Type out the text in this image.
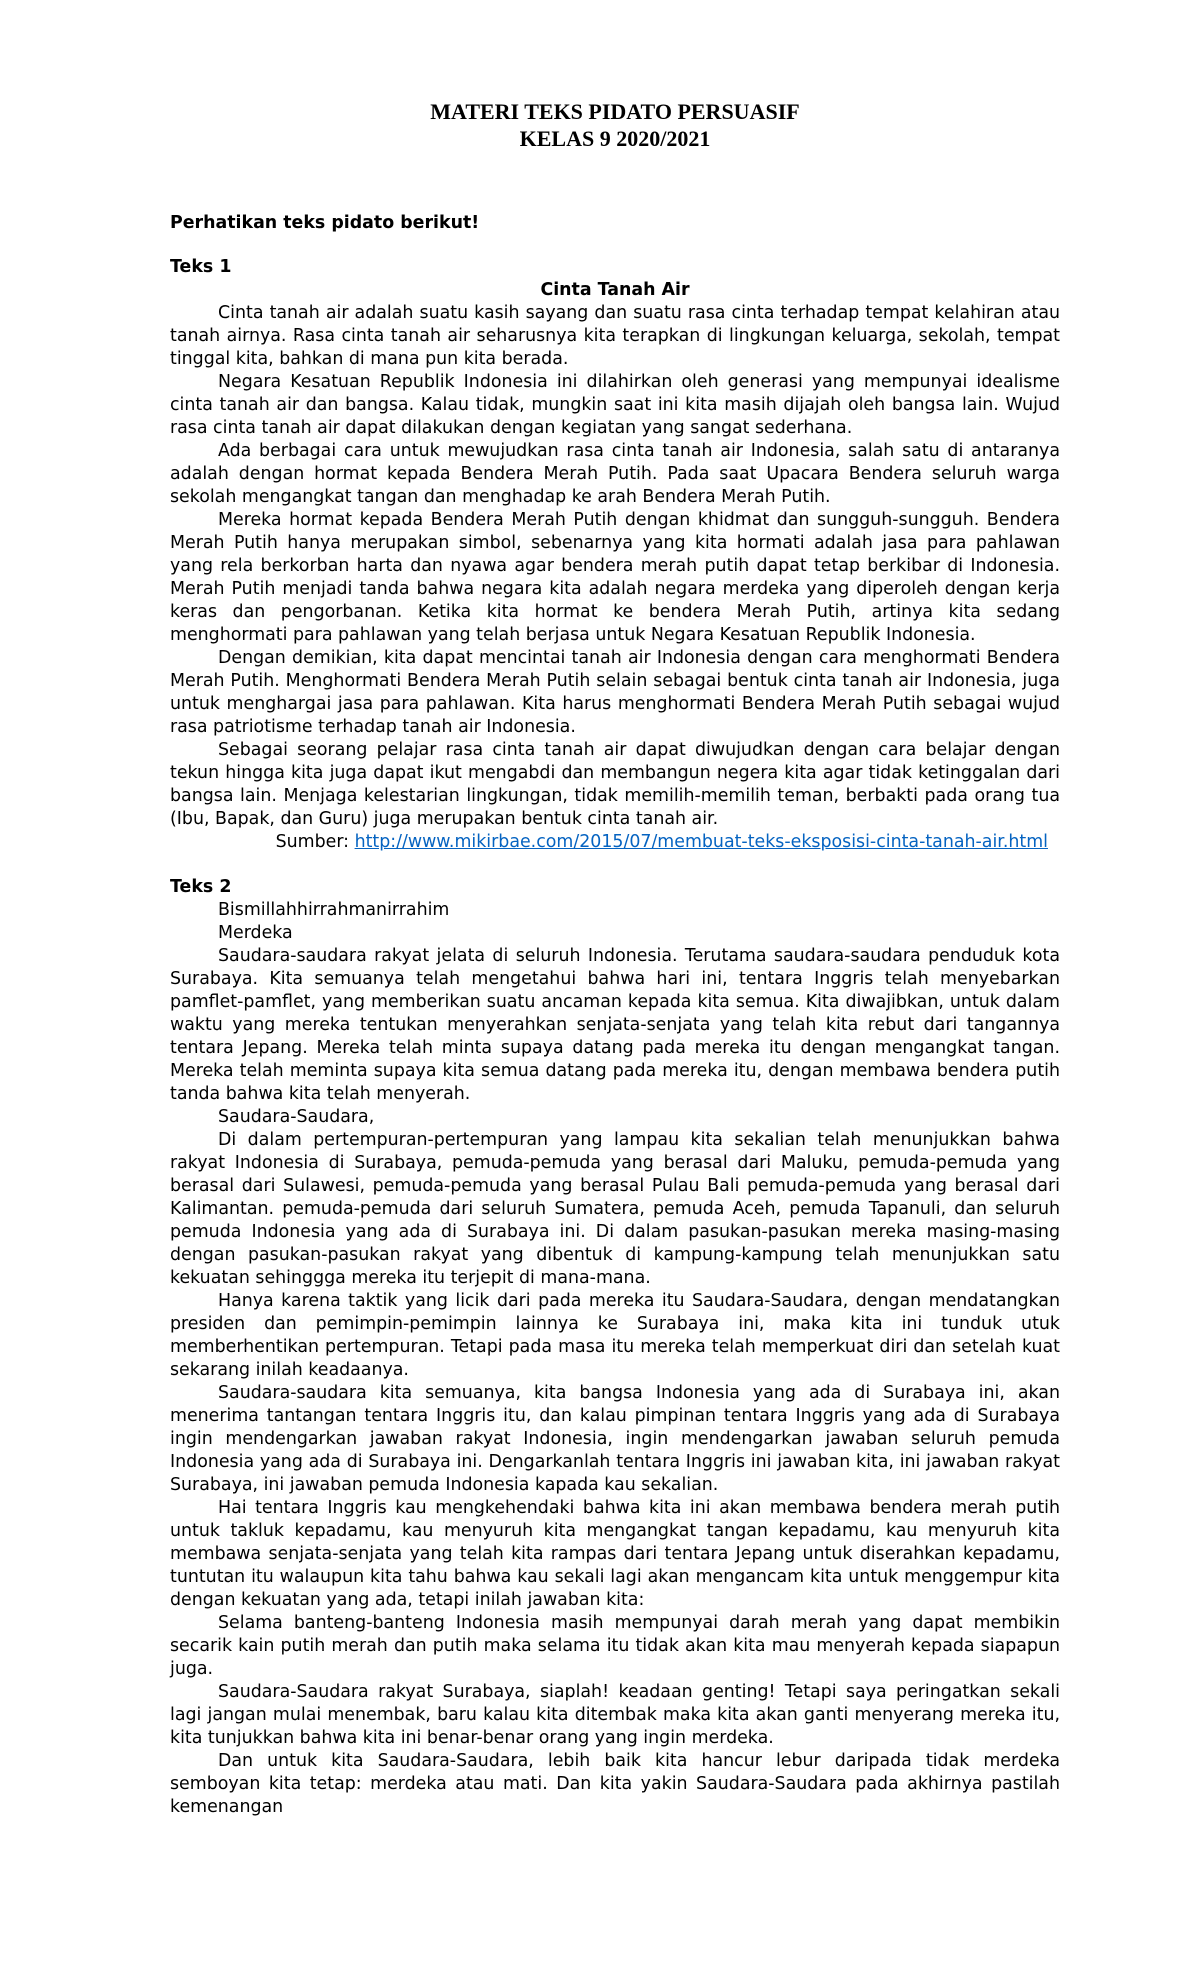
MATERI TEKS PIDATO PERSUASIF
KELAS 9 2020/2021
Perhatikan teks pidato berikut!
Teks 1
Cinta Tanah Air

Cinta tanah air adalah suatu kasih sayang dan suatu rasa cinta terhadap tempat kelahiran atau tanah airnya. Rasa cinta tanah air seharusnya kita terapkan di lingkungan keluarga, sekolah, tempat tinggal kita, bahkan di mana pun kita berada.

Negara Kesatuan Republik Indonesia ini dilahirkan oleh generasi yang mempunyai idealisme cinta tanah air dan bangsa. Kalau tidak, mungkin saat ini kita masih dijajah oleh bangsa lain. Wujud rasa cinta tanah air dapat dilakukan dengan kegiatan yang sangat sederhana.

Ada berbagai cara untuk mewujudkan rasa cinta tanah air Indonesia, salah satu di antaranya adalah dengan hormat kepada Bendera Merah Putih. Pada saat Upacara Bendera seluruh warga sekolah mengangkat tangan dan menghadap ke arah Bendera Merah Putih.

Mereka hormat kepada Bendera Merah Putih dengan khidmat dan sungguh-sungguh. Bendera Merah Putih hanya merupakan simbol, sebenarnya yang kita hormati adalah jasa para pahlawan yang rela berkorban harta dan nyawa agar bendera merah putih dapat tetap berkibar di Indonesia. Merah Putih menjadi tanda bahwa negara kita adalah negara merdeka yang diperoleh dengan kerja keras dan pengorbanan. Ketika kita hormat ke bendera Merah Putih, artinya kita sedang menghormati para pahlawan yang telah berjasa untuk Negara Kesatuan Republik Indonesia.

Dengan demikian, kita dapat mencintai tanah air Indonesia dengan cara menghormati Bendera Merah Putih. Menghormati Bendera Merah Putih selain sebagai bentuk cinta tanah air Indonesia, juga untuk menghargai jasa para pahlawan. Kita harus menghormati Bendera Merah Putih sebagai wujud rasa patriotisme terhadap tanah air Indonesia.

Sebagai seorang pelajar rasa cinta tanah air dapat diwujudkan dengan cara belajar dengan tekun hingga kita juga dapat ikut mengabdi dan membangun negera kita agar tidak ketinggalan dari bangsa lain. Menjaga kelestarian lingkungan, tidak memilih-memilih teman, berbakti pada orang tua (Ibu, Bapak, dan Guru) juga merupakan bentuk cinta tanah air.

Sumber: http://www.mikirbae.com/2015/07/membuat-teks-eksposisi-cinta-tanah-air.html
Teks 2

Bismillahhirrahmanirrahim

Merdeka

Saudara-saudara rakyat jelata di seluruh Indonesia. Terutama saudara-saudara penduduk kota Surabaya. Kita semuanya telah mengetahui bahwa hari ini, tentara Inggris telah menyebarkan pamflet-pamflet, yang memberikan suatu ancaman kepada kita semua. Kita diwajibkan, untuk dalam waktu yang mereka tentukan menyerahkan senjata-senjata yang telah kita rebut dari tangannya tentara Jepang. Mereka telah minta supaya datang pada mereka itu dengan mengangkat tangan. Mereka telah meminta supaya kita semua datang pada mereka itu, dengan membawa bendera putih tanda bahwa kita telah menyerah.

Saudara-Saudara,

Di dalam pertempuran-pertempuran yang lampau kita sekalian telah menunjukkan bahwa rakyat Indonesia di Surabaya, pemuda-pemuda yang berasal dari Maluku, pemuda-pemuda yang berasal dari Sulawesi, pemuda-pemuda yang berasal Pulau Bali pemuda-pemuda yang berasal dari Kalimantan. pemuda-pemuda dari seluruh Sumatera, pemuda Aceh, pemuda Tapanuli, dan seluruh pemuda Indonesia yang ada di Surabaya ini. Di dalam pasukan-pasukan mereka masing-masing dengan pasukan-pasukan rakyat yang dibentuk di kampung-kampung telah menunjukkan satu kekuatan sehinggga mereka itu terjepit di mana-mana.

Hanya karena taktik yang licik dari pada mereka itu Saudara-Saudara, dengan mendatangkan presiden dan pemimpin-pemimpin lainnya ke Surabaya ini, maka kita ini tunduk utuk memberhentikan pertempuran. Tetapi pada masa itu mereka telah memperkuat diri dan setelah kuat sekarang inilah keadaanya.

Saudara-saudara kita semuanya, kita bangsa Indonesia yang ada di Surabaya ini, akan menerima tantangan tentara Inggris itu, dan kalau pimpinan tentara Inggris yang ada di Surabaya ingin mendengarkan jawaban rakyat Indonesia, ingin mendengarkan jawaban seluruh pemuda Indonesia yang ada di Surabaya ini. Dengarkanlah tentara Inggris ini jawaban kita, ini jawaban rakyat Surabaya, ini jawaban pemuda Indonesia kapada kau sekalian.

Hai tentara Inggris kau mengkehendaki bahwa kita ini akan membawa bendera merah putih untuk takluk kepadamu, kau menyuruh kita mengangkat tangan kepadamu, kau menyuruh kita membawa senjata-senjata yang telah kita rampas dari tentara Jepang untuk diserahkan kepadamu, tuntutan itu walaupun kita tahu bahwa kau sekali lagi akan mengancam kita untuk menggempur kita dengan kekuatan yang ada, tetapi inilah jawaban kita:

Selama banteng-banteng Indonesia masih mempunyai darah merah yang dapat membikin secarik kain putih merah dan putih maka selama itu tidak akan kita mau menyerah kepada siapapun juga.

Saudara-Saudara rakyat Surabaya, siaplah! keadaan genting! Tetapi saya peringatkan sekali lagi jangan mulai menembak, baru kalau kita ditembak maka kita akan ganti menyerang mereka itu, kita tunjukkan bahwa kita ini benar-benar orang yang ingin merdeka.

Dan untuk kita Saudara-Saudara, lebih baik kita hancur lebur daripada tidak merdeka semboyan kita tetap: merdeka atau mati. Dan kita yakin Saudara-Saudara pada akhirnya pastilah kemenangan
